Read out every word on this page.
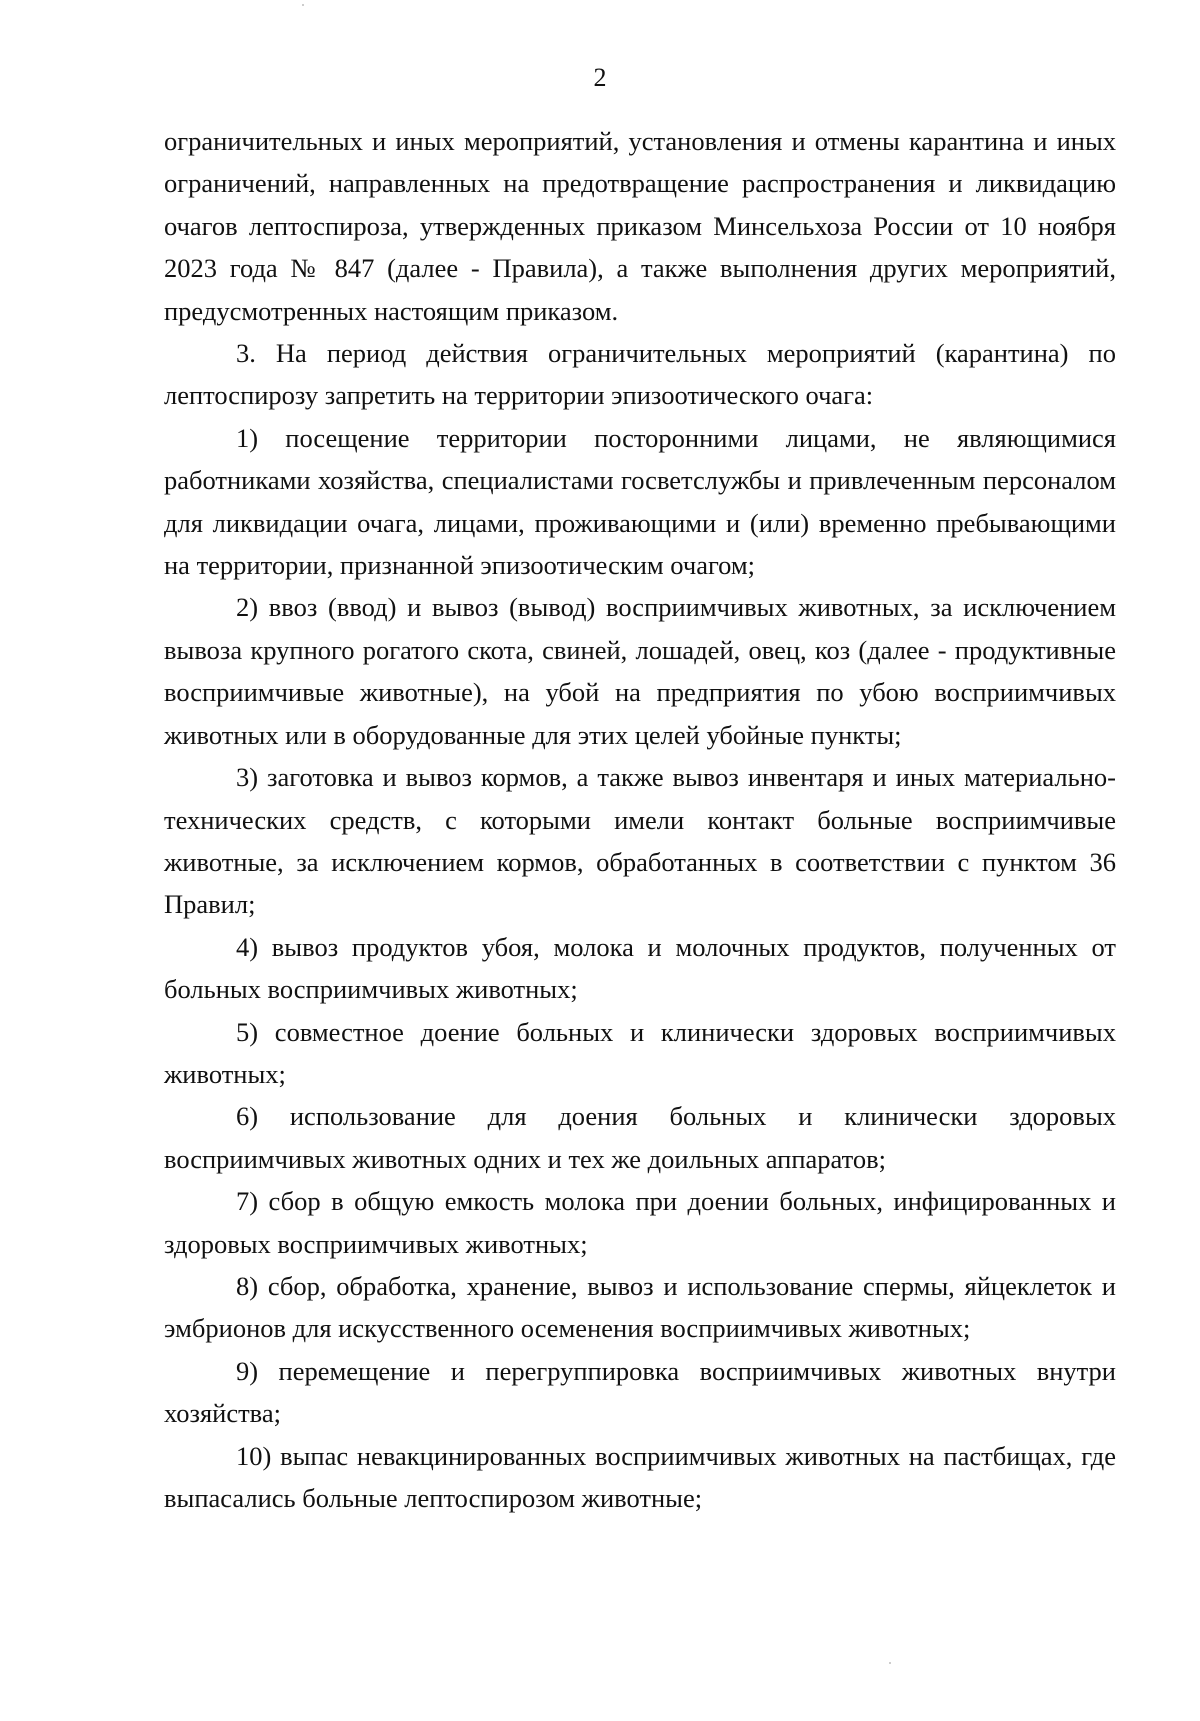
2

ограничительных и иных мероприятий, установления и отмены карантина и иных ограничений, направленных на предотвращение распространения и ликвидацию очагов лептоспироза, утвержденных приказом Минсельхоза России от 10 ноября 2023 года № 847 (далее - Правила), а также выполнения других мероприятий, предусмотренных настоящим приказом.

3. На период действия ограничительных мероприятий (карантина) по лептоспирозу запретить на территории эпизоотического очага:

1) посещение территории посторонними лицами, не являющимися работниками хозяйства, специалистами госветслужбы и привлеченным персоналом для ликвидации очага, лицами, проживающими и (или) временно пребывающими на территории, признанной эпизоотическим очагом;

2) ввоз (ввод) и вывоз (вывод) восприимчивых животных, за исключением вывоза крупного рогатого скота, свиней, лошадей, овец, коз (далее - продуктивные восприимчивые животные), на убой на предприятия по убою восприимчивых животных или в оборудованные для этих целей убойные пункты;

3) заготовка и вывоз кормов, а также вывоз инвентаря и иных материально-технических средств, с которыми имели контакт больные восприимчивые животные, за исключением кормов, обработанных в соответствии с пунктом 36 Правил;

4) вывоз продуктов убоя, молока и молочных продуктов, полученных от больных восприимчивых животных;

5) совместное доение больных и клинически здоровых восприимчивых животных;

6) использование для доения больных и клинически здоровых восприимчивых животных одних и тех же доильных аппаратов;

7) сбор в общую емкость молока при доении больных, инфицированных и здоровых восприимчивых животных;

8) сбор, обработка, хранение, вывоз и использование спермы, яйцеклеток и эмбрионов для искусственного осеменения восприимчивых животных;

9) перемещение и перегруппировка восприимчивых животных внутри хозяйства;

10) выпас невакцинированных восприимчивых животных на пастбищах, где выпасались больные лептоспирозом животные;
